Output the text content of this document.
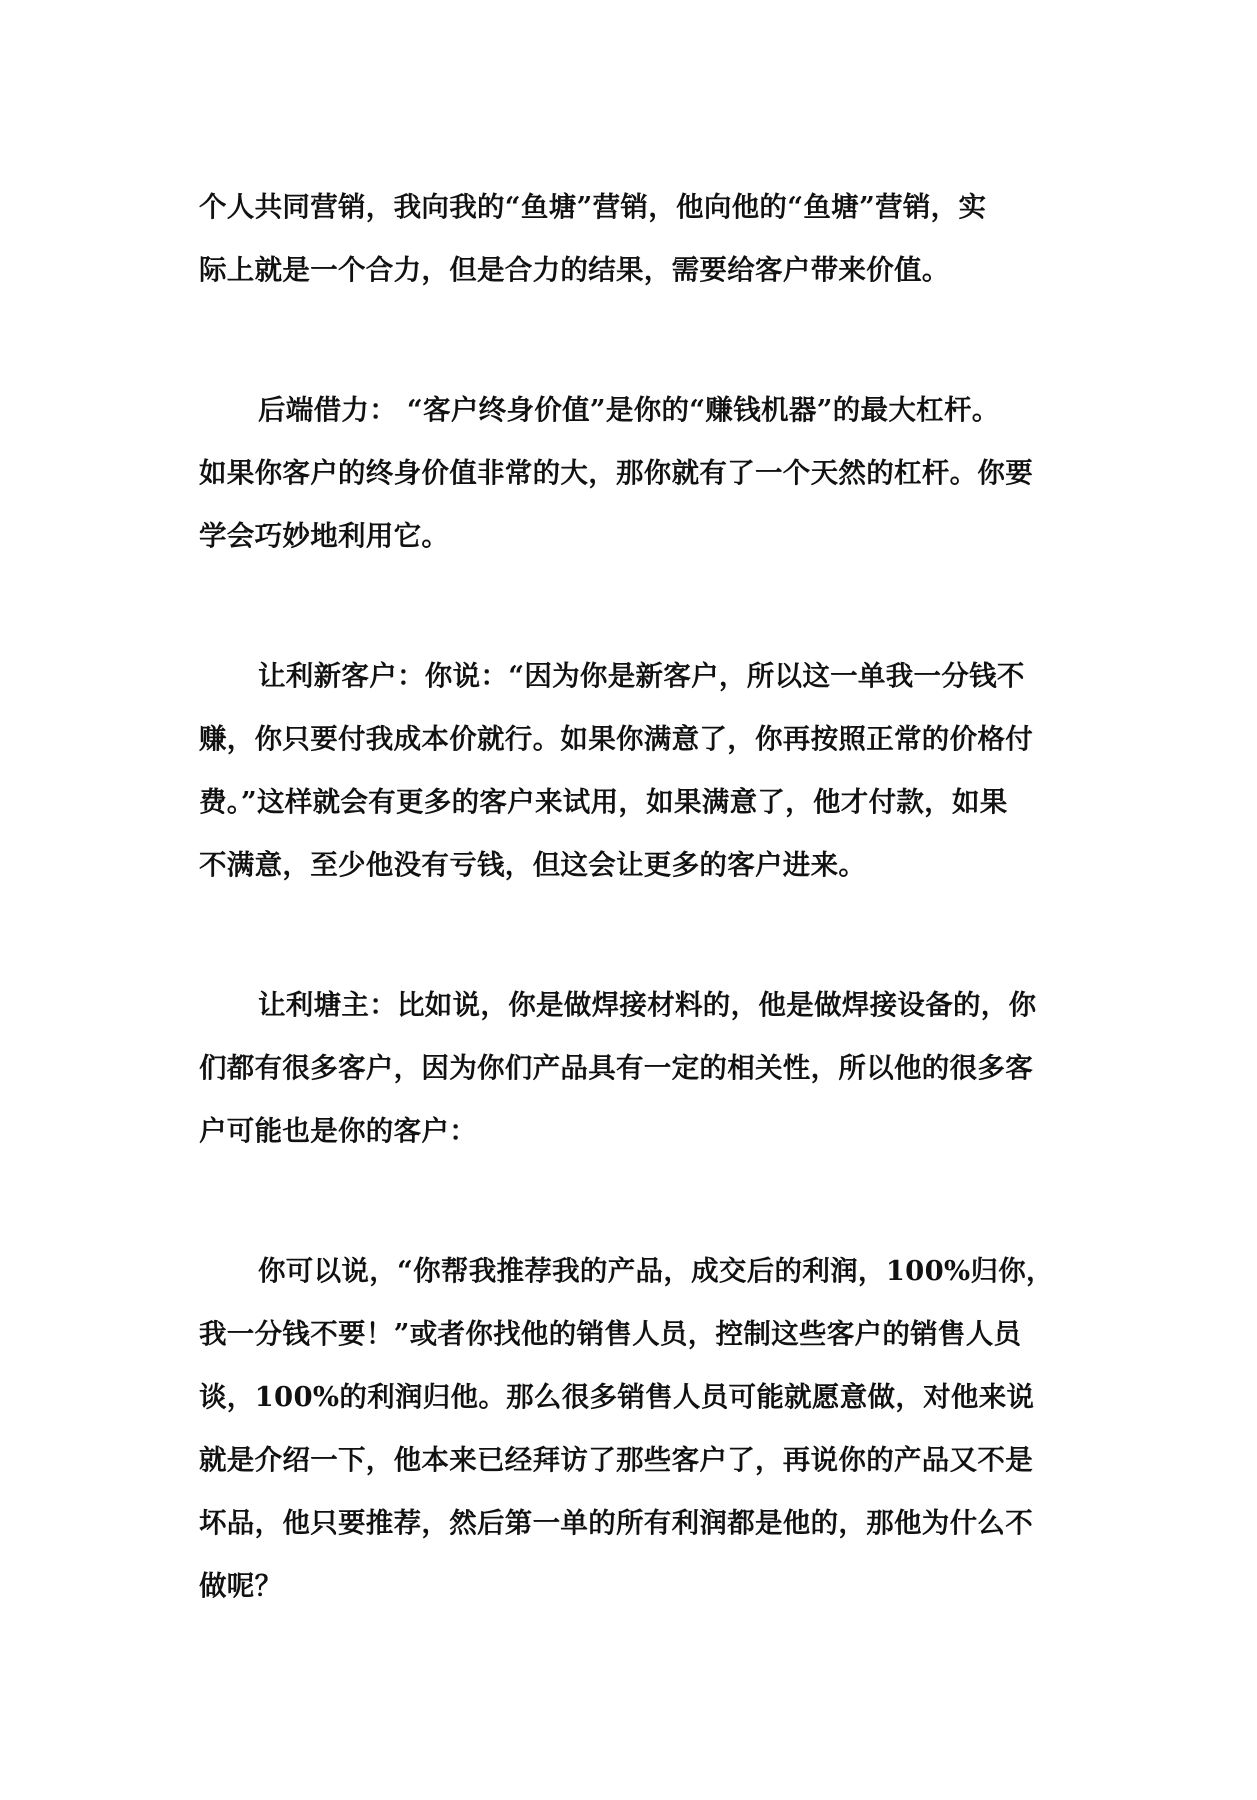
个人共同营销，我向我的“鱼塘”营销，他向他的“鱼塘”营销，实
际上就是一个合力，但是合力的结果，需要给客户带来价值。
后端借力： “客户终身价值”是你的“赚钱机器”的最大杠杆。
如果你客户的终身价值非常的大，那你就有了一个天然的杠杆。你要
学会巧妙地利用它。
让利新客户：你说：“因为你是新客户，所以这一单我一分钱不
赚，你只要付我成本价就行。如果你满意了，你再按照正常的价格付
费。”这样就会有更多的客户来试用，如果满意了，他才付款，如果
不满意，至少他没有亏钱，但这会让更多的客户进来。
让利塘主：比如说，你是做焊接材料的，他是做焊接设备的，你
们都有很多客户，因为你们产品具有一定的相关性，所以他的很多客
户可能也是你的客户：
你可以说，“你帮我推荐我的产品，成交后的利润，100%归你，
我一分钱不要！”或者你找他的销售人员，控制这些客户的销售人员
谈，100%的利润归他。那么很多销售人员可能就愿意做，对他来说
就是介绍一下，他本来已经拜访了那些客户了，再说你的产品又不是
坏品，他只要推荐，然后第一单的所有利润都是他的，那他为什么不
做呢？
